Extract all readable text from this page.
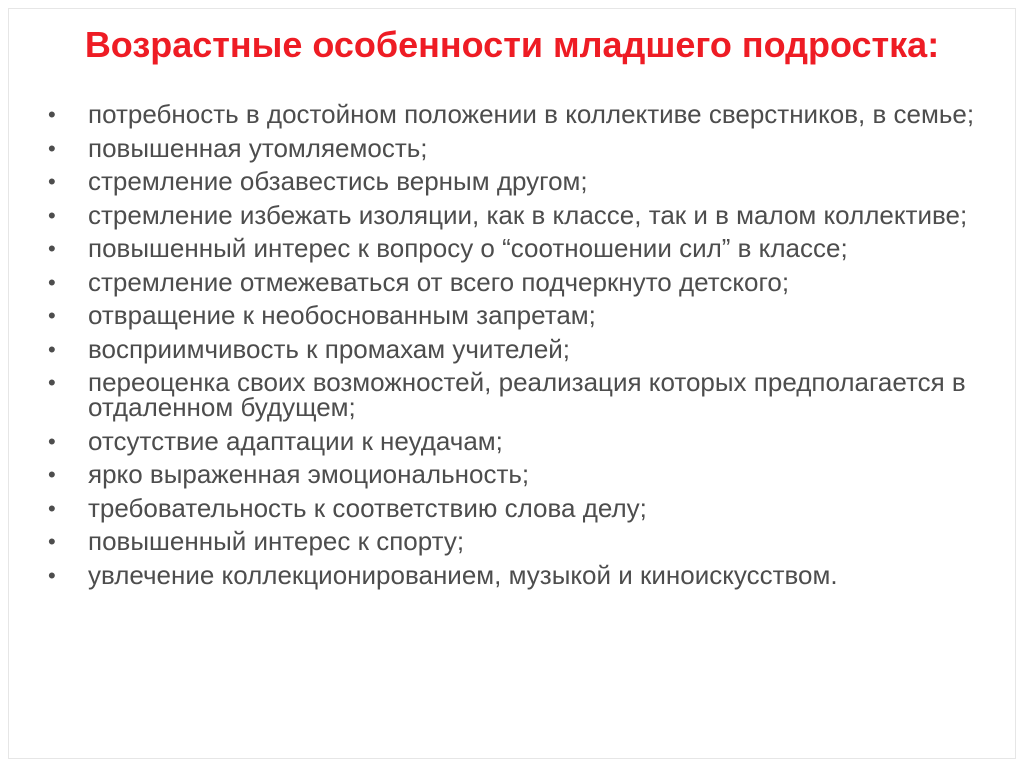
Возрастные особенности младшего подростка:
•	потребность в достойном положении в коллективе сверстников, в семье;
•	повышенная утомляемость;
•	стремление обзавестись верным другом;
•	стремление избежать изоляции, как в классе, так и в малом коллективе;
•	повышенный интерес к вопросу о “соотношении сил” в классе;
•	стремление отмежеваться от всего подчеркнуто детского;
•	отвращение к необоснованным запретам;
•	восприимчивость к промахам учителей;
•	переоценка своих возможностей, реализация которых предполагается в отдаленном будущем;
•	отсутствие адаптации к неудачам;
•	ярко выраженная эмоциональность;
•	требовательность к соответствию слова делу;
•	повышенный интерес к спорту;
•	увлечение коллекционированием, музыкой и киноискусством.
